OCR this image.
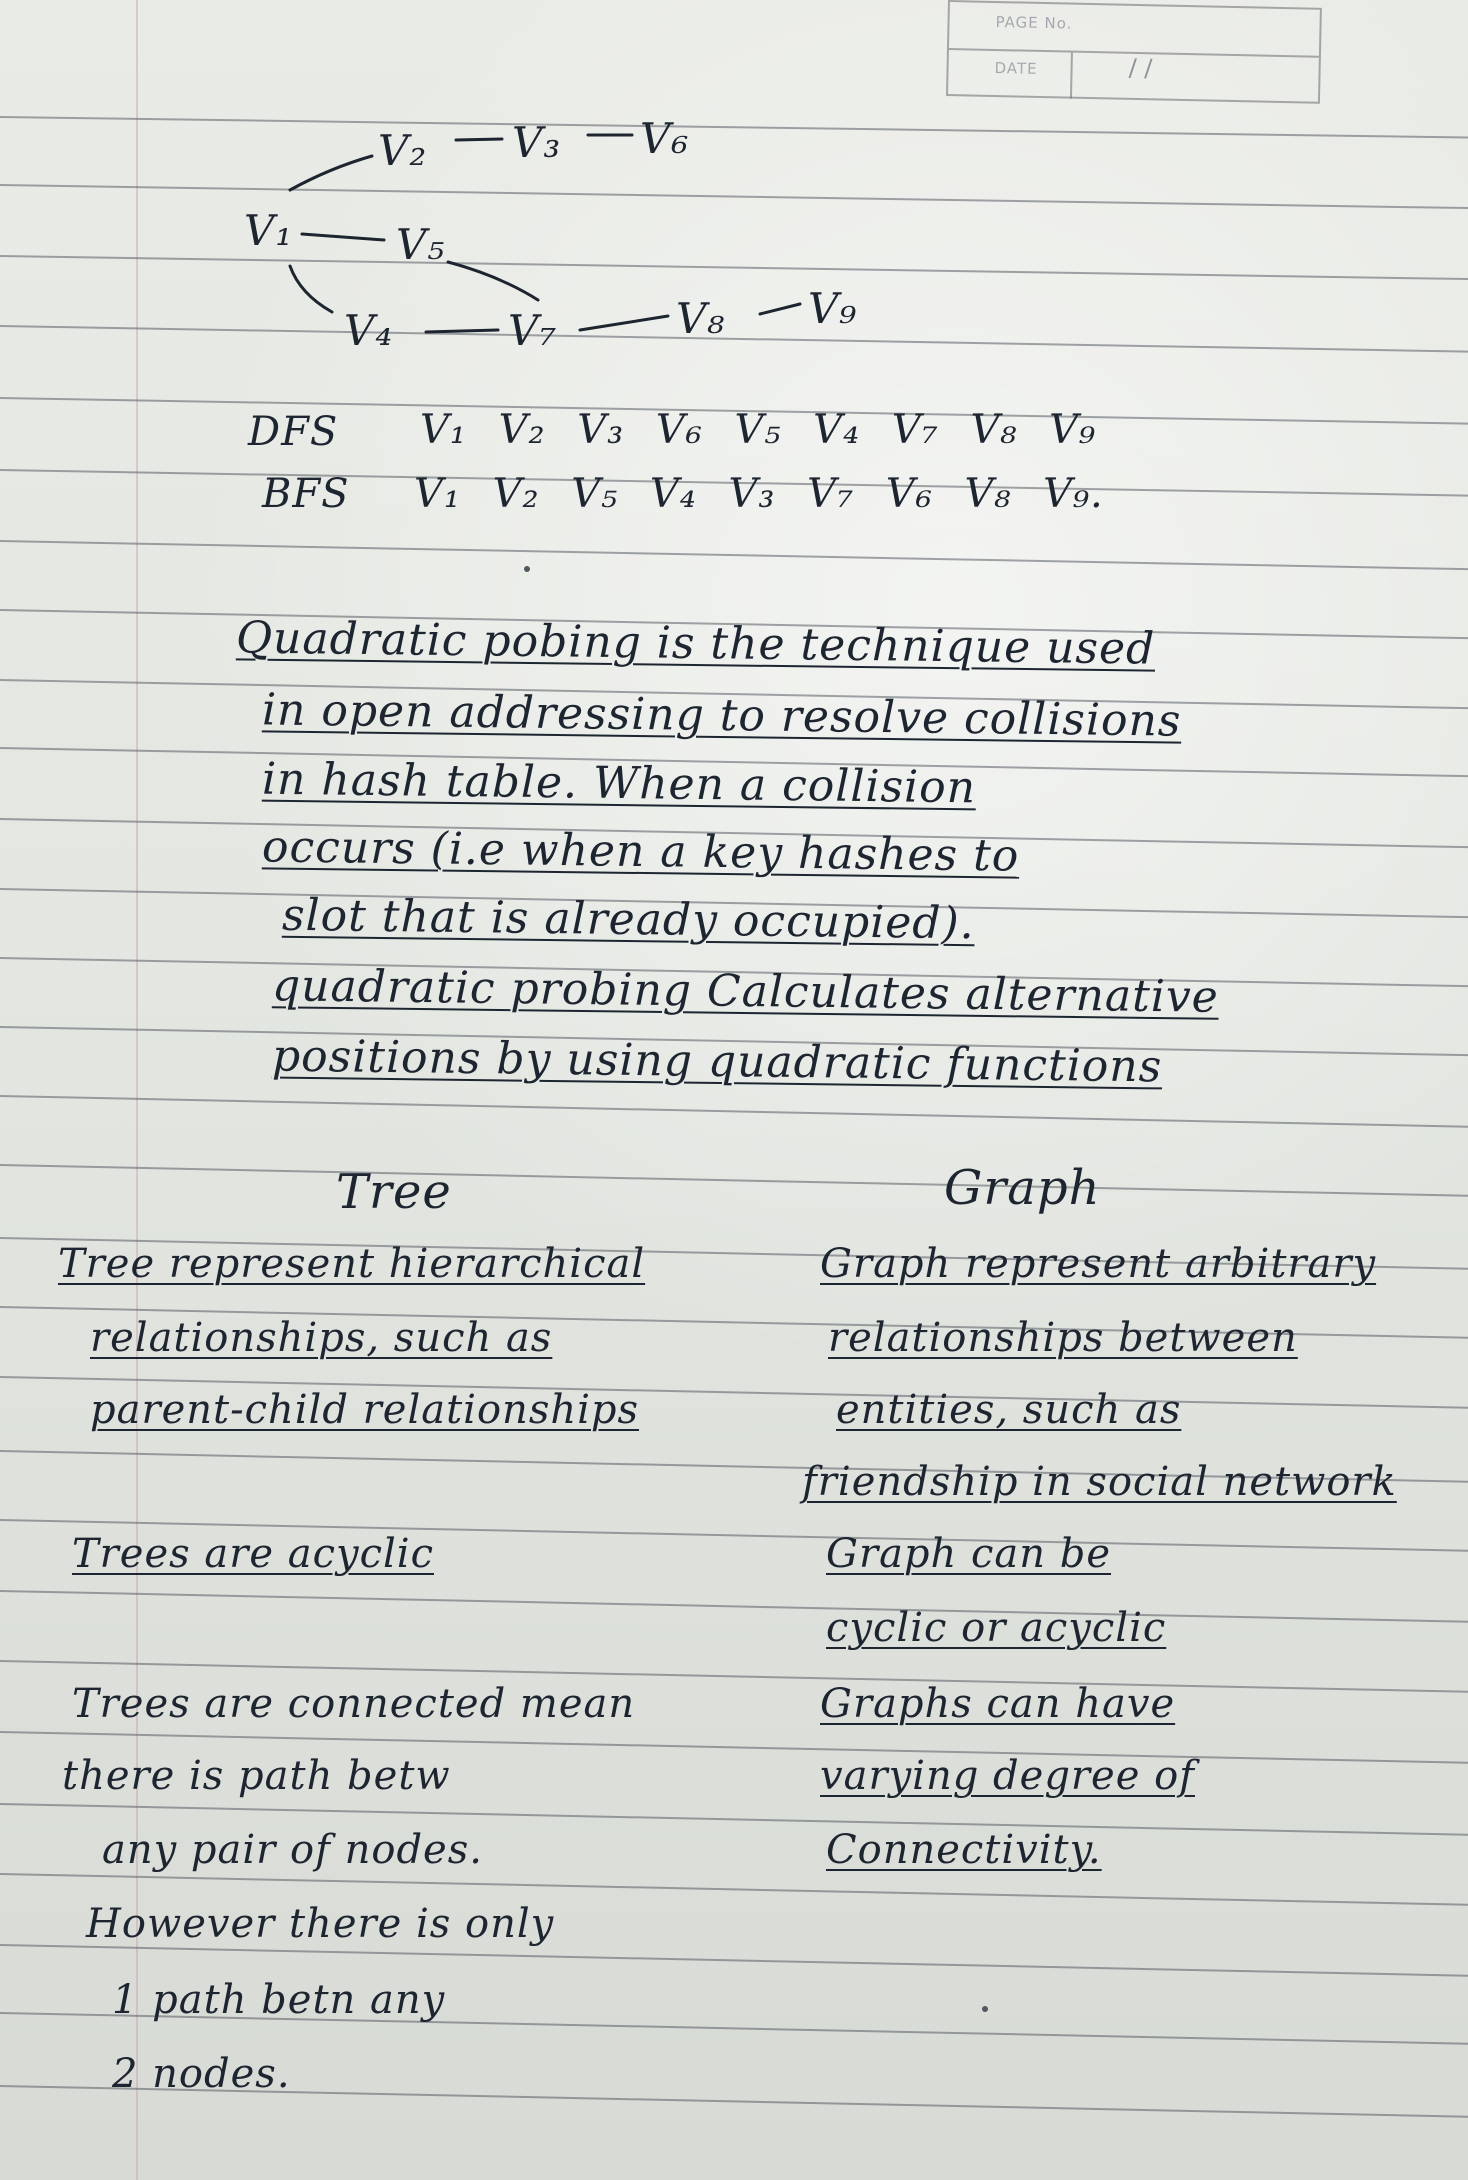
PAGE No.
DATE	/ /
V₁
V₂ V₃ V₆
V₅
V₄	V₇	V₈ V₉
DFS V₁ V₂ V₃ V₆ V₅ V₄ V₇ V₈ V₉
BFS V₁ V₂ V₅ V₄ V₃ V₇ V₆ V₈ V₉.
Quadratic pobing is the technique used
in open addressing to resolve collisions
in hash table. When a collision
occurs (i.e when a key hashes to
slot that is already occupied).
quadratic probing Calculates alternative
positions by using quadratic functions
Tree	Graph
Tree represent hierarchical
relationships, such as
parent-child relationships
Trees are acyclic
Trees are connected mean
there is path betw
any pair of nodes.
However there is only
1 path betn any
2 nodes.
Graph represent arbitrary
relationships between
entities, such as
friendship in social network
Graph can be
cyclic or acyclic
Graphs can have
varying degree of
Connectivity.
